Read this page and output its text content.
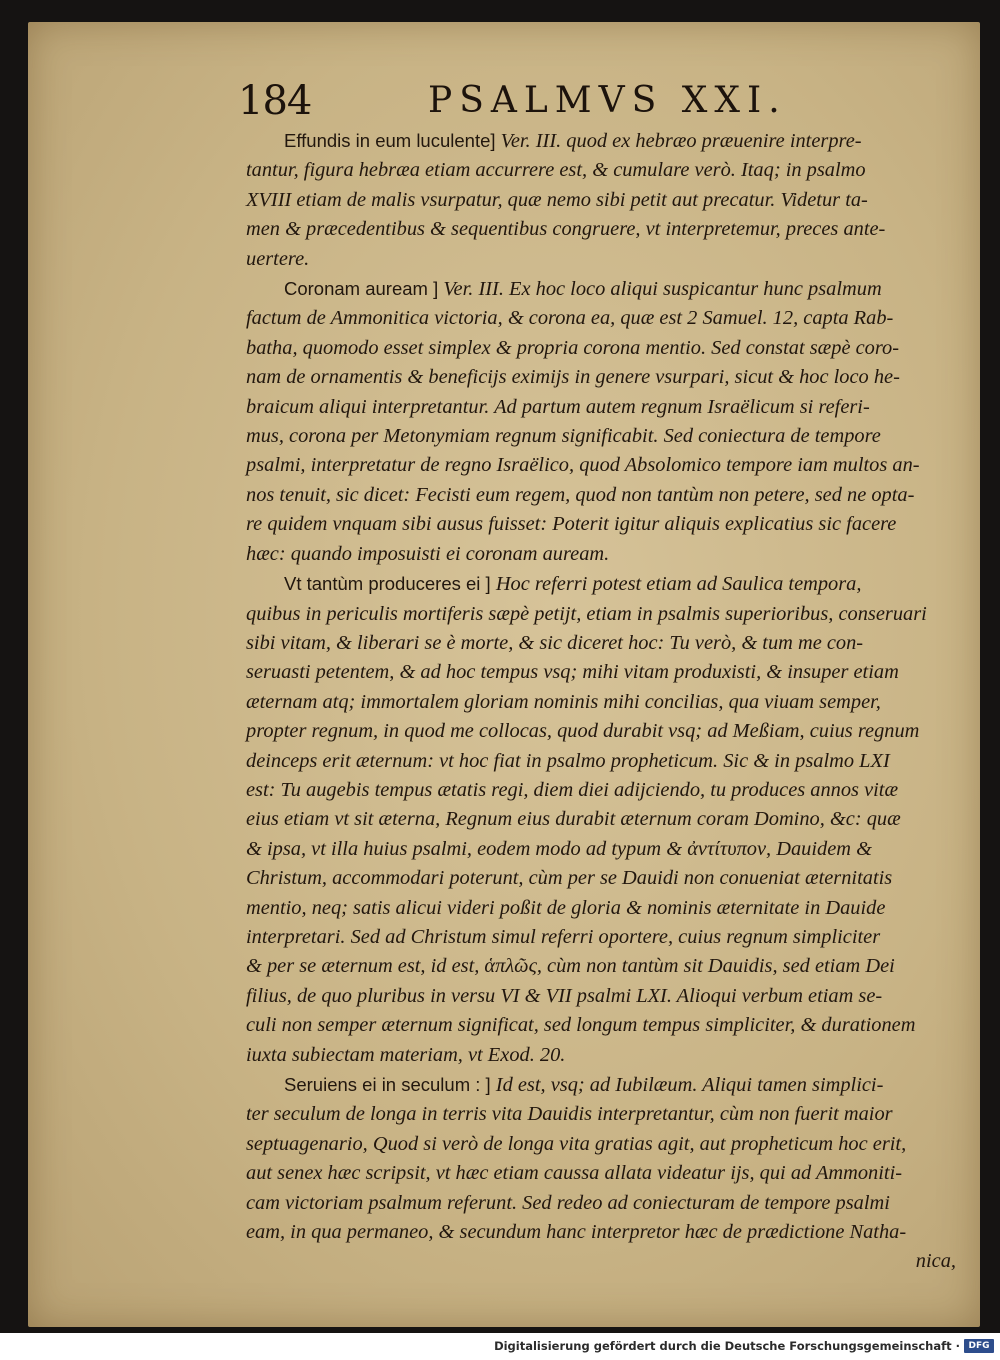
184	PSALMVS XXI.
Effundis in eum luculente] Ver. III. quod ex hebræo præuenire interpre-
tantur, figura hebræa etiam accurrere est, & cumulare verò. Itaq; in psalmo
XVIII etiam de malis vsurpatur, quæ nemo sibi petit aut precatur. Videtur ta-
men & præcedentibus & sequentibus congruere, vt interpretemur, preces ante-
uertere.
Coronam auream ] Ver. III. Ex hoc loco aliqui suspicantur hunc psalmum
factum de Ammonitica victoria, & corona ea, quæ est 2 Samuel. 12, capta Rab-
batha, quomodo esset simplex & propria corona mentio. Sed constat sæpè coro-
nam de ornamentis & beneficijs eximijs in genere vsurpari, sicut & hoc loco he-
braicum aliqui interpretantur. Ad partum autem regnum Israëlicum si referi-
mus, corona per Metonymiam regnum significabit. Sed coniectura de tempore
psalmi, interpretatur de regno Israëlico, quod Absolomico tempore iam multos an-
nos tenuit, sic dicet: Fecisti eum regem, quod non tantùm non petere, sed ne opta-
re quidem vnquam sibi ausus fuisset: Poterit igitur aliquis explicatius sic facere
hæc: quando imposuisti ei coronam auream.
Vt tantùm produceres ei ] Hoc referri potest etiam ad Saulica tempora,
quibus in periculis mortiferis sæpè petijt, etiam in psalmis superioribus, conseruari
sibi vitam, & liberari se è morte, & sic diceret hoc: Tu verò, & tum me con-
seruasti petentem, & ad hoc tempus vsq; mihi vitam produxisti, & insuper etiam
æternam atq; immortalem gloriam nominis mihi concilias, qua viuam semper,
propter regnum, in quod me collocas, quod durabit vsq; ad Meßiam, cuius regnum
deinceps erit æternum: vt hoc fiat in psalmo propheticum. Sic & in psalmo LXI
est: Tu augebis tempus ætatis regi, diem diei adijciendo, tu produces annos vitæ
eius etiam vt sit æterna, Regnum eius durabit æternum coram Domino, &c: quæ
& ipsa, vt illa huius psalmi, eodem modo ad typum & ἀντίτυπον, Dauidem &
Christum, accommodari poterunt, cùm per se Dauidi non conueniat æternitatis
mentio, neq; satis alicui videri poßit de gloria & nominis æternitate in Dauide
interpretari. Sed ad Christum simul referri oportere, cuius regnum simpliciter
& per se æternum est, id est, ἁπλῶς, cùm non tantùm sit Dauidis, sed etiam Dei
filius, de quo pluribus in versu VI & VII psalmi LXI. Alioqui verbum etiam se-
culi non semper æternum significat, sed longum tempus simpliciter, & durationem
iuxta subiectam materiam, vt Exod. 20.
Seruiens ei in seculum : ] Id est, vsq; ad Iubilæum. Aliqui tamen simplici-
ter seculum de longa in terris vita Dauidis interpretantur, cùm non fuerit maior
septuagenario, Quod si verò de longa vita gratias agit, aut propheticum hoc erit,
aut senex hæc scripsit, vt hæc etiam caussa allata videatur ijs, qui ad Ammoniti-
cam victoriam psalmum referunt. Sed redeo ad coniecturam de tempore psalmi
eam, in qua permaneo, & secundum hanc interpretor hæc de prædictione Natha-
nica,
Digitalisierung gefördert durch die Deutsche Forschungsgemeinschaft · DFG
